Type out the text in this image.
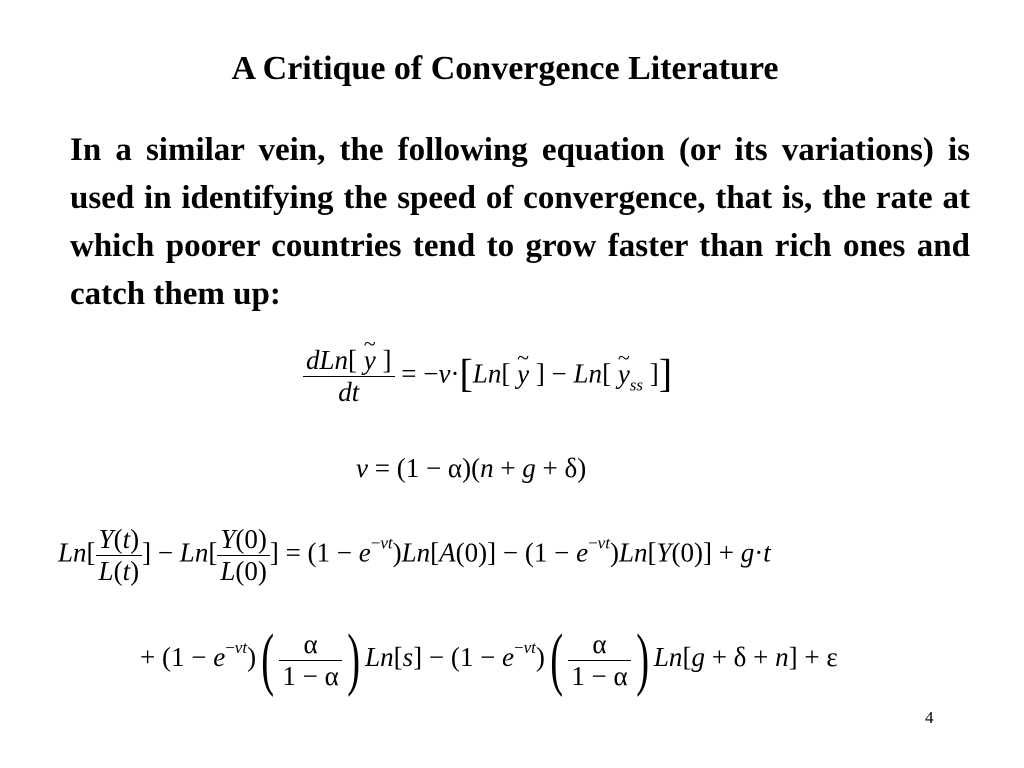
A Critique of Convergence Literature
In a similar vein, the following equation (or its variations) is used in identifying the speed of convergence, that is, the rate at which poorer countries tend to grow faster than rich ones and catch them up:
$\frac{\text{dLn[ \textasciitilde{} y ]}}{dt} = -v\cdot[Ln$[ ~ y ] − Ln[ ~ $y_{ss}$ ]]
v = (1 − α)(n + g + δ)
$Ln[ \frac{Y(t)}{L(t)}$ ] − $Ln[ \frac{Y(0)}{L(0)}$ ] = $(1 - e^{-vt})Ln[A(0)] - (1 - e^{-vt})Ln[Y(0)] + g\cdot t$
+ $(1 - e^{-vt})( \frac{\alpha}{1 - \alpha}$ ) $Ln[s] - (1 - e^{-vt})( \frac{\alpha}{1 - \alpha}$ ) Ln[g + δ + n] + ε
4
